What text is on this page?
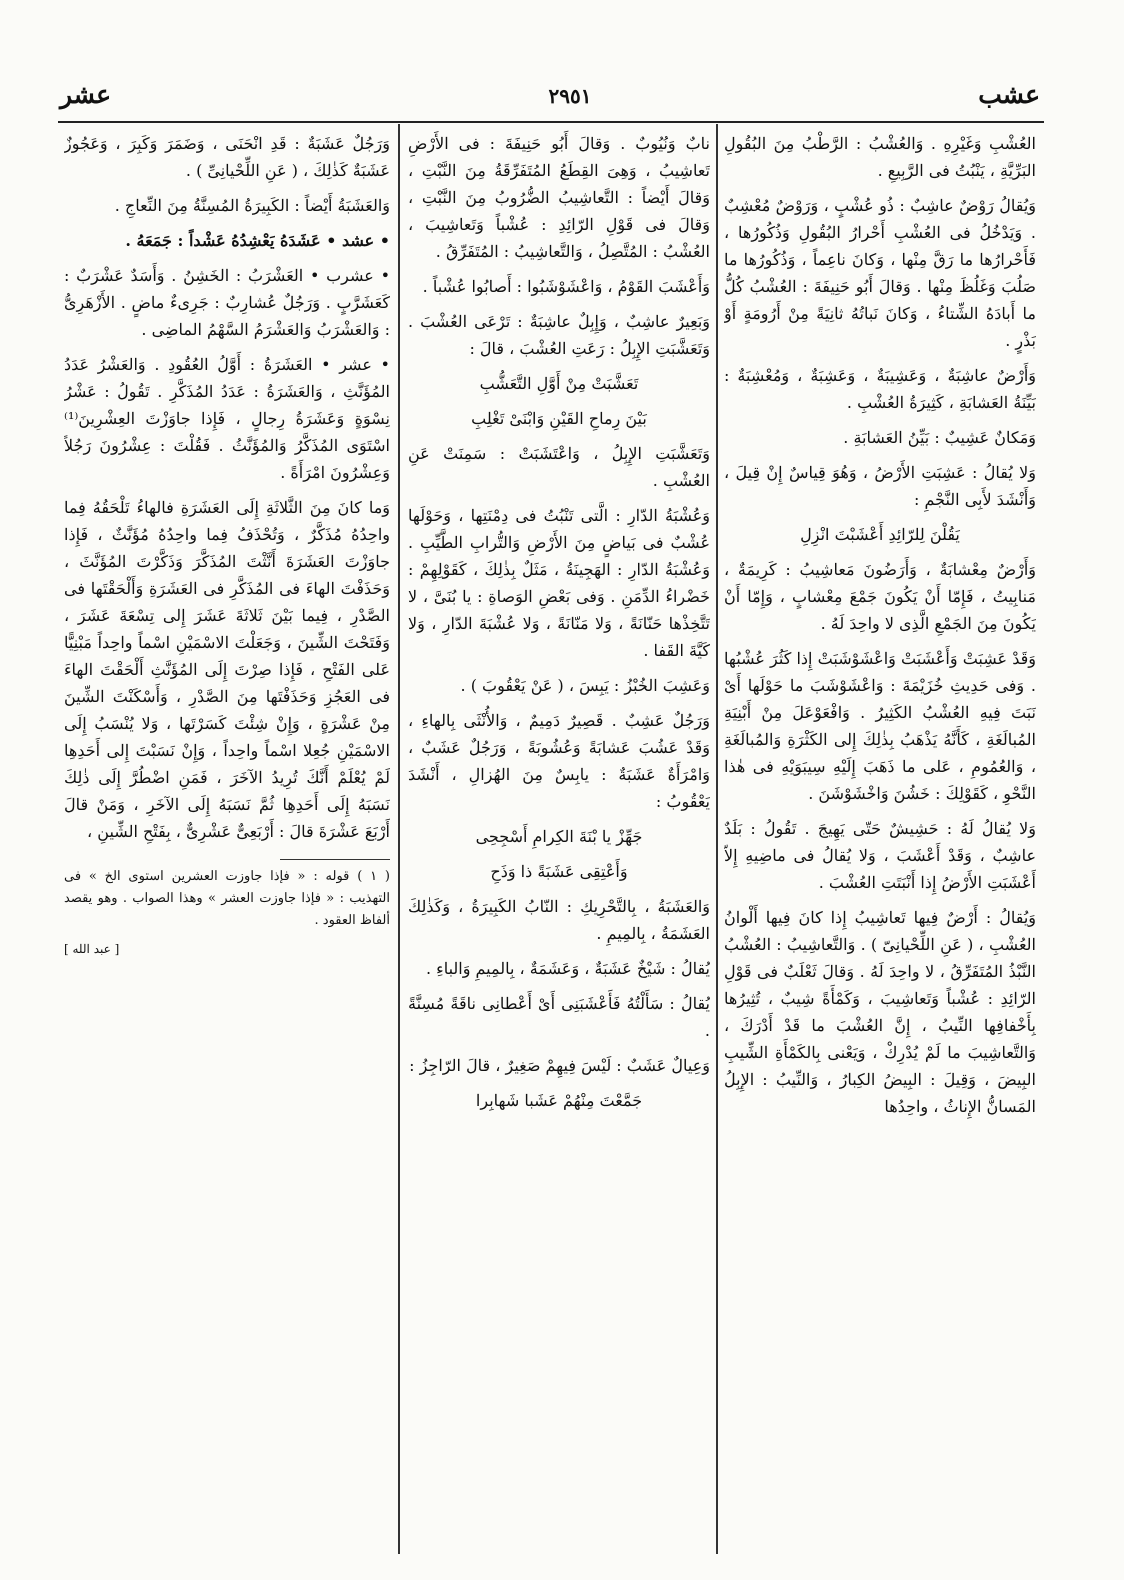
عشب
٢٩٥١
عشر

العُشْبِ وَغَيْرِهِ . وَالعُشْبُ : الرَّطْبُ مِنَ البُقُولِ البَرِّيَّةِ ، يَنْبُتُ فى الرَّبِيعِ .

وَيُقالُ رَوْضٌ عاشِبٌ : ذُو عُشْبٍ ، وَرَوْضٌ مُعْشِبٌ . وَيَدْخُلُ فى العُشْبِ أَحْرارُ البُقُولِ وَذُكُورُها ، فَأَحْرارُها ما رَقَّ مِنْها ، وَكانَ ناعِماً ، وَذُكُورُها ما صَلُبَ وَغَلُظَ مِنْها . وَقالَ أَبُو حَنِيفَةَ : العُشْبُ كُلُّ ما أَبادَهُ الشِّتاءُ ، وَكانَ نَباتُهُ ثانِيَةً مِنْ أَرُومَةٍ أَوْ بَذْرٍ .

وَأَرْضٌ عاشِبَةٌ ، وَعَشِيبَةٌ ، وَعَشِبَةٌ ، وَمُعْشِبَةٌ : بَيِّنَةُ العَشابَةِ ، كَثِيرَةُ العُشْبِ .

وَمَكانٌ عَشِيبٌ : بَيِّنُ العَشابَةِ .

وَلا يُقالُ : عَشِبَتِ الأَرْضُ ، وَهُوَ قِياسٌ إِنْ قِيلَ ، وَأَنْشَدَ لأَبِى النَّجْمِ :

يَقُلْنَ لِلرّائِدِ أَعْشَبْتَ انْزِلِ

وَأَرْضٌ مِعْشابَةٌ ، وَأَرَضُونَ مَعاشِيبُ : كَرِيمَةٌ ، مَنابِيتُ ، فَإِمّا أَنْ يَكُونَ جَمْعَ مِعْشابٍ ، وَإِمّا أَنْ يَكُونَ مِنَ الجَمْعِ الَّذِى لا واحِدَ لَهُ .

وَقَدْ عَشِبَتْ وَأَعْشَبَتْ وَاعْشَوْشَبَتْ إِذا كَثُرَ عُشْبُها . وَفى حَدِيثِ خُزَيْمَةَ : وَاعْشَوْشَبَ ما حَوْلَها أَىْ نَبَتَ فِيهِ العُشْبُ الكَثِيرُ . وَافْعَوْعَلَ مِنْ أَبْنِيَةِ المُبالَغَةِ ، كَأَنَّهُ يَذْهَبُ بِذٰلِكَ إِلى الكَثْرَةِ وَالمُبالَغَةِ ، وَالعُمُومِ ، عَلى ما ذَهَبَ إِلَيْهِ سِيبَوَيْهِ فى هٰذا النَّحْوِ ، كَقَوْلِكَ : خَشُنَ وَاخْشَوْشَنَ .

وَلا يُقالُ لَهُ : حَشِيشٌ حَتّى يَهِيجَ . تَقُولُ : بَلَدٌ عاشِبٌ ، وَقَدْ أَعْشَبَ ، وَلا يُقالُ فى ماضِيهِ إِلاّ أَعْشَبَتِ الأَرْضُ إِذا أَنْبَتَتِ العُشْبَ .

وَيُقالُ : أَرْضٌ فِيها تَعاشِيبُ إِذا كانَ فِيها أَلْوانُ العُشْبِ ، ( عَنِ اللِّحْيانِىّ ) . وَالتَّعاشِيبُ : العُشْبُ النَّبْذُ المُتَفَرِّقُ ، لا واحِدَ لَهُ . وَقالَ ثَعْلَبٌ فى قَوْلِ الرّائِدِ : عُشْباً وَتَعاشِيبَ ، وَكَمْأَةً شِيبٌ ، تُثِيرُها بِأَخْفافِها النِّيبُ ، إِنَّ العُشْبَ ما قَدْ أَدْرَكَ ، وَالتَّعاشِيبَ ما لَمْ يُدْرِكْ ، وَيَعْنى بِالكَمْأَةِ الشِّيبِ البِيضَ ، وَقِيلَ : البِيضُ الكِبارُ ، وَالنِّيبُ : الإِبِلُ المَسانُّ الإِناثُ ، واحِدُها

نابٌ وَنُيُوبٌ . وَقالَ أَبُو حَنِيفَةَ : فى الأَرْضِ تَعاشِيبُ ، وَهِىَ القِطَعُ المُتَفَرِّقَةُ مِنَ النَّبْتِ ، وَقالَ أَيْضاً : التَّعاشِيبُ الضُّرُوبُ مِنَ النَّبْتِ ، وَقالَ فى قَوْلِ الرّائِدِ : عُشْباً وَتَعاشِيبَ ، العُشْبُ : المُتَّصِلُ ، وَالتَّعاشِيبُ : المُتَفَرِّقُ .

وَأَعْشَبَ القَوْمُ ، وَاعْشَوْشَبُوا : أَصابُوا عُشْباً .

وَبَعِيرٌ عاشِبٌ ، وَإِبِلٌ عاشِبَةٌ : تَرْعَى العُشْبَ . وَتَعَشَّبَتِ الإِبِلُ : رَعَتِ العُشْبَ ، قالَ :

تَعَشَّبَتْ مِنْ أَوَّلِ التَّعَشُّبِ

بَيْنَ رِماحِ القَيْنِ وَابْنَىْ تَغْلِبِ

وَتَعَشَّبَتِ الإِبِلُ ، وَاعْتَشَبَتْ : سَمِنَتْ عَنِ العُشْبِ .

وَعُشْبَةُ الدّارِ : الَّتى تَنْبُتُ فى دِمْنَتِها ، وَحَوْلَها عُشْبٌ فى بَياضٍ مِنَ الأَرْضِ وَالتُّرابِ الطَّيِّبِ . وَعُشْبَةُ الدّارِ : الهَجِينَةُ ، مَثَلٌ بِذٰلِكَ ، كَقَوْلِهِمْ : خَضْراءُ الدِّمَنِ . وَفى بَعْضِ الوَصاةِ : يا بُنَىَّ ، لا تَتَّخِذْها حَنّانَةً ، وَلا مَنّانَةً ، وَلا عُشْبَةَ الدّارِ ، وَلا كَيَّةَ القَفا .

وَعَشِبَ الخُبْزُ : يَبِسَ ، ( عَنْ يَعْقُوبَ ) .

وَرَجُلٌ عَشِبٌ . قَصِيرٌ دَمِيمٌ ، وَالأُنْثَى بِالهاءِ ، وَقَدْ عَشُبَ عَشابَةً وَعُشُوبَةً ، وَرَجُلٌ عَشَبٌ ، وَامْرَأَةٌ عَشَبَةٌ : يابِسٌ مِنَ الهُزالِ ، أَنْشَدَ يَعْقُوبُ :

جَهِّزْ يا بْنَةَ الكِرامِ أَسْجِحِى

وَأَعْتِقِى عَشَبَةً ذا وَذَحِ

وَالعَشَبَةُ ، بِالتَّحْرِيكِ : النّابُ الكَبِيرَةُ ، وَكَذٰلِكَ العَشَمَةُ ، بِالمِيمِ .

يُقالُ : شَيْخٌ عَشَبَةٌ ، وَعَشَمَةٌ ، بِالمِيمِ وَالباءِ .

يُقالُ : سَأَلْتُهُ فَأَعْشَبَنِى أَىْ أَعْطانِى ناقَةً مُسِنَّةً .

وَعِيالٌ عَشَبٌ : لَيْسَ فِيهِمْ صَغِيرٌ ، قالَ الرّاجِزُ :

جَمَّعْتَ مِنْهُمْ عَشَبا شَهابِرا

وَرَجُلٌ عَشَبَةٌ : قَدِ انْحَنَى ، وَضَمَرَ وَكَبِرَ ، وَعَجُوزٌ عَشَبَةٌ كَذٰلِكَ ، ( عَنِ اللِّحْيانِىِّ ) .

وَالعَشَبَةُ أَيْضاً : الكَبِيرَةُ المُسِنَّةُ مِنَ النِّعاجِ .

• عشد • عَشَدَهُ يَعْشِدُهُ عَشْداً : جَمَعَهُ .

• عشرب • العَشْرَبُ : الخَشِنُ . وَأَسَدٌ عَشْرَبٌ : كَعَشَرَّبٍ . وَرَجُلٌ عُشارِبٌ : جَرِىءٌ ماضٍ . الأَزْهَرِىُّ : وَالعَشْرَبُ وَالعَشْرَمُ السَّهْمُ الماضِى .

• عشر • العَشَرَةُ : أَوَّلُ العُقُودِ . وَالعَشْرُ عَدَدُ المُؤَنَّثِ ، وَالعَشَرَةُ : عَدَدُ المُذَكَّرِ . تَقُولُ : عَشْرُ نِسْوَةٍ وَعَشَرَةُ رِجالٍ ، فَإِذا جاوَزْتَ العِشْرِينَ⁽¹⁾ اسْتَوَى المُذَكَّرُ وَالمُؤَنَّثُ . فَقُلْتَ : عِشْرُونَ رَجُلاً وَعِشْرُونَ امْرَأَةً .

وَما كانَ مِنَ الثَّلاثَةِ إِلَى العَشَرَةِ فالهاءُ تَلْحَقُهُ فِما واحِدُهُ مُذَكَّرٌ ، وَتُحْذَفُ فِما واحِدُهُ مُؤَنَّثٌ ، فَإِذا جاوَزْتَ العَشَرَةَ أَنَّثْتَ المُذَكَّرَ وَذَكَّرْتَ المُؤَنَّثَ ، وَحَذَفْتَ الهاءَ فى المُذَكَّرِ فى العَشَرَةِ وَأَلْحَقْتَها فى الصَّدْرِ ، فِيما بَيْنَ ثَلاثَةَ عَشَرَ إِلى تِسْعَةَ عَشَرَ ، وَفَتَحْتَ الشِّينَ ، وَجَعَلْتَ الاسْمَيْنِ اسْماً واحِداً مَبْنِيًّا عَلى الفَتْحِ ، فَإِذا صِرْتَ إِلَى المُؤَنَّثِ أَلْحَقْتَ الهاءَ فى العَجُزِ وَحَذَفْتَها مِنَ الصَّدْرِ ، وَأَسْكَنْتَ الشِّينَ مِنْ عَشْرَةٍ ، وَإِنْ شِئْتَ كَسَرْتَها ، وَلا يُنْسَبُ إِلَى الاسْمَيْنِ جُعِلا اسْماً واحِداً ، وَإِنْ نَسَبْتَ إِلى أَحَدِهِا لَمْ يُعْلَمْ أَنَّكَ تُرِيدُ الآخَرَ ، فَمَنِ اضْطُرَّ إِلَى ذٰلِكَ نَسَبَهُ إِلَى أَحَدِهِا ثُمَّ نَسَبَهُ إِلَى الآخَرِ ، وَمَنْ قالَ أَرْبَعَ عَشْرَةَ قالَ : أَرْبَعِىٌّ عَشْرِىٌّ ، بِفَتْحِ الشِّينِ ،

( ١ ) قوله : « فإذا جاوزت العشرين استوى الخ » فى التهذيب : « فإذا جاوزت العشر » وهذا الصواب . وهو يقصد ألفاظ العقود .

[ عبد الله ]
